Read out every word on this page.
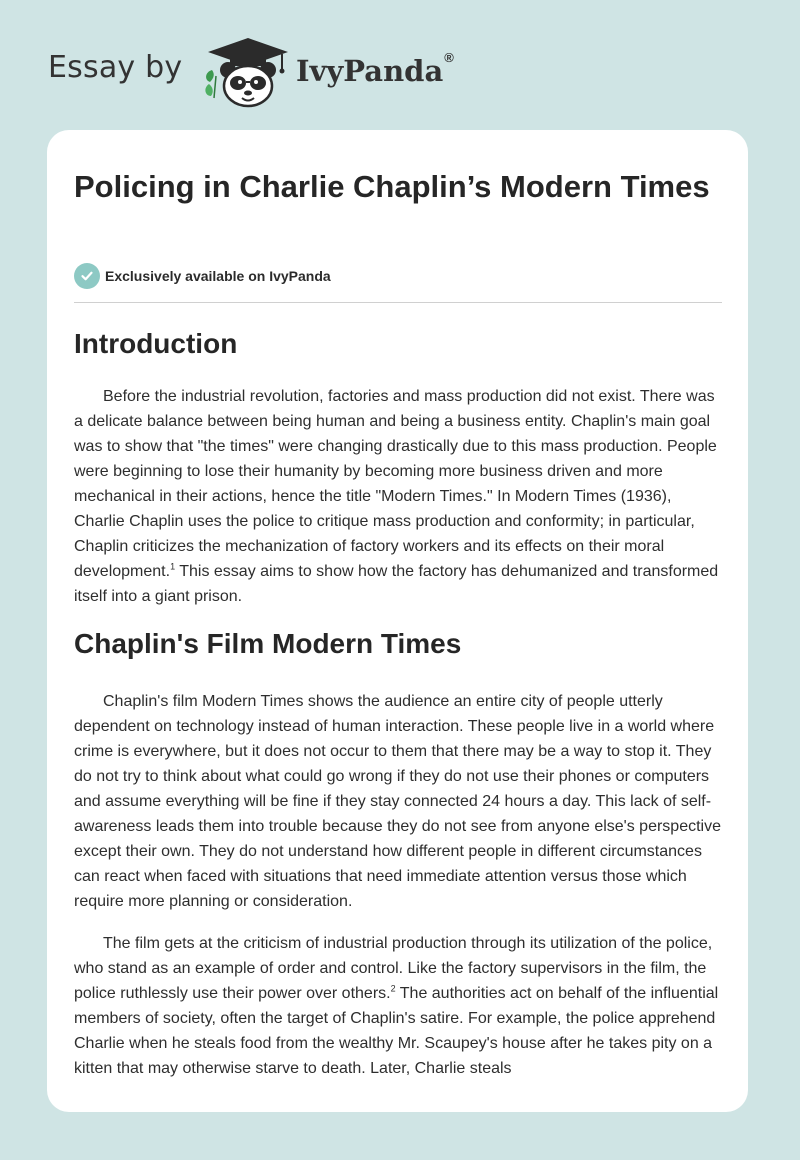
Essay by	IvyPanda®
Policing in Charlie Chaplin’s Modern Times
Exclusively available on IvyPanda
Introduction

Before the industrial revolution, factories and mass production did not exist. There was a delicate balance between being human and being a business entity. Chaplin's main goal was to show that "the times" were changing drastically due to this mass production. People were beginning to lose their humanity by becoming more business driven and more mechanical in their actions, hence the title "Modern Times." In Modern Times (1936), Charlie Chaplin uses the police to critique mass production and conformity; in particular, Chaplin criticizes the mechanization of factory workers and its effects on their moral development.$^1$ This essay aims to show how the factory has dehumanized and transformed itself into a giant prison.

Chaplin's Film Modern Times

Chaplin's film Modern Times shows the audience an entire city of people utterly dependent on technology instead of human interaction. These people live in a world where crime is everywhere, but it does not occur to them that there may be a way to stop it. They do not try to think about what could go wrong if they do not use their phones or computers and assume everything will be fine if they stay connected 24 hours a day. This lack of self-awareness leads them into trouble because they do not see from anyone else's perspective except their own. They do not understand how different people in different circumstances can react when faced with situations that need immediate attention versus those which require more planning or consideration.

The film gets at the criticism of industrial production through its utilization of the police, who stand as an example of order and control. Like the factory supervisors in the film, the police ruthlessly use their power over others.$^2$ The authorities act on behalf of the influential members of society, often the target of Chaplin's satire. For example, the police apprehend Charlie when he steals food from the wealthy Mr. Scaupey's house after he takes pity on a kitten that may otherwise starve to death. Later, Charlie steals
